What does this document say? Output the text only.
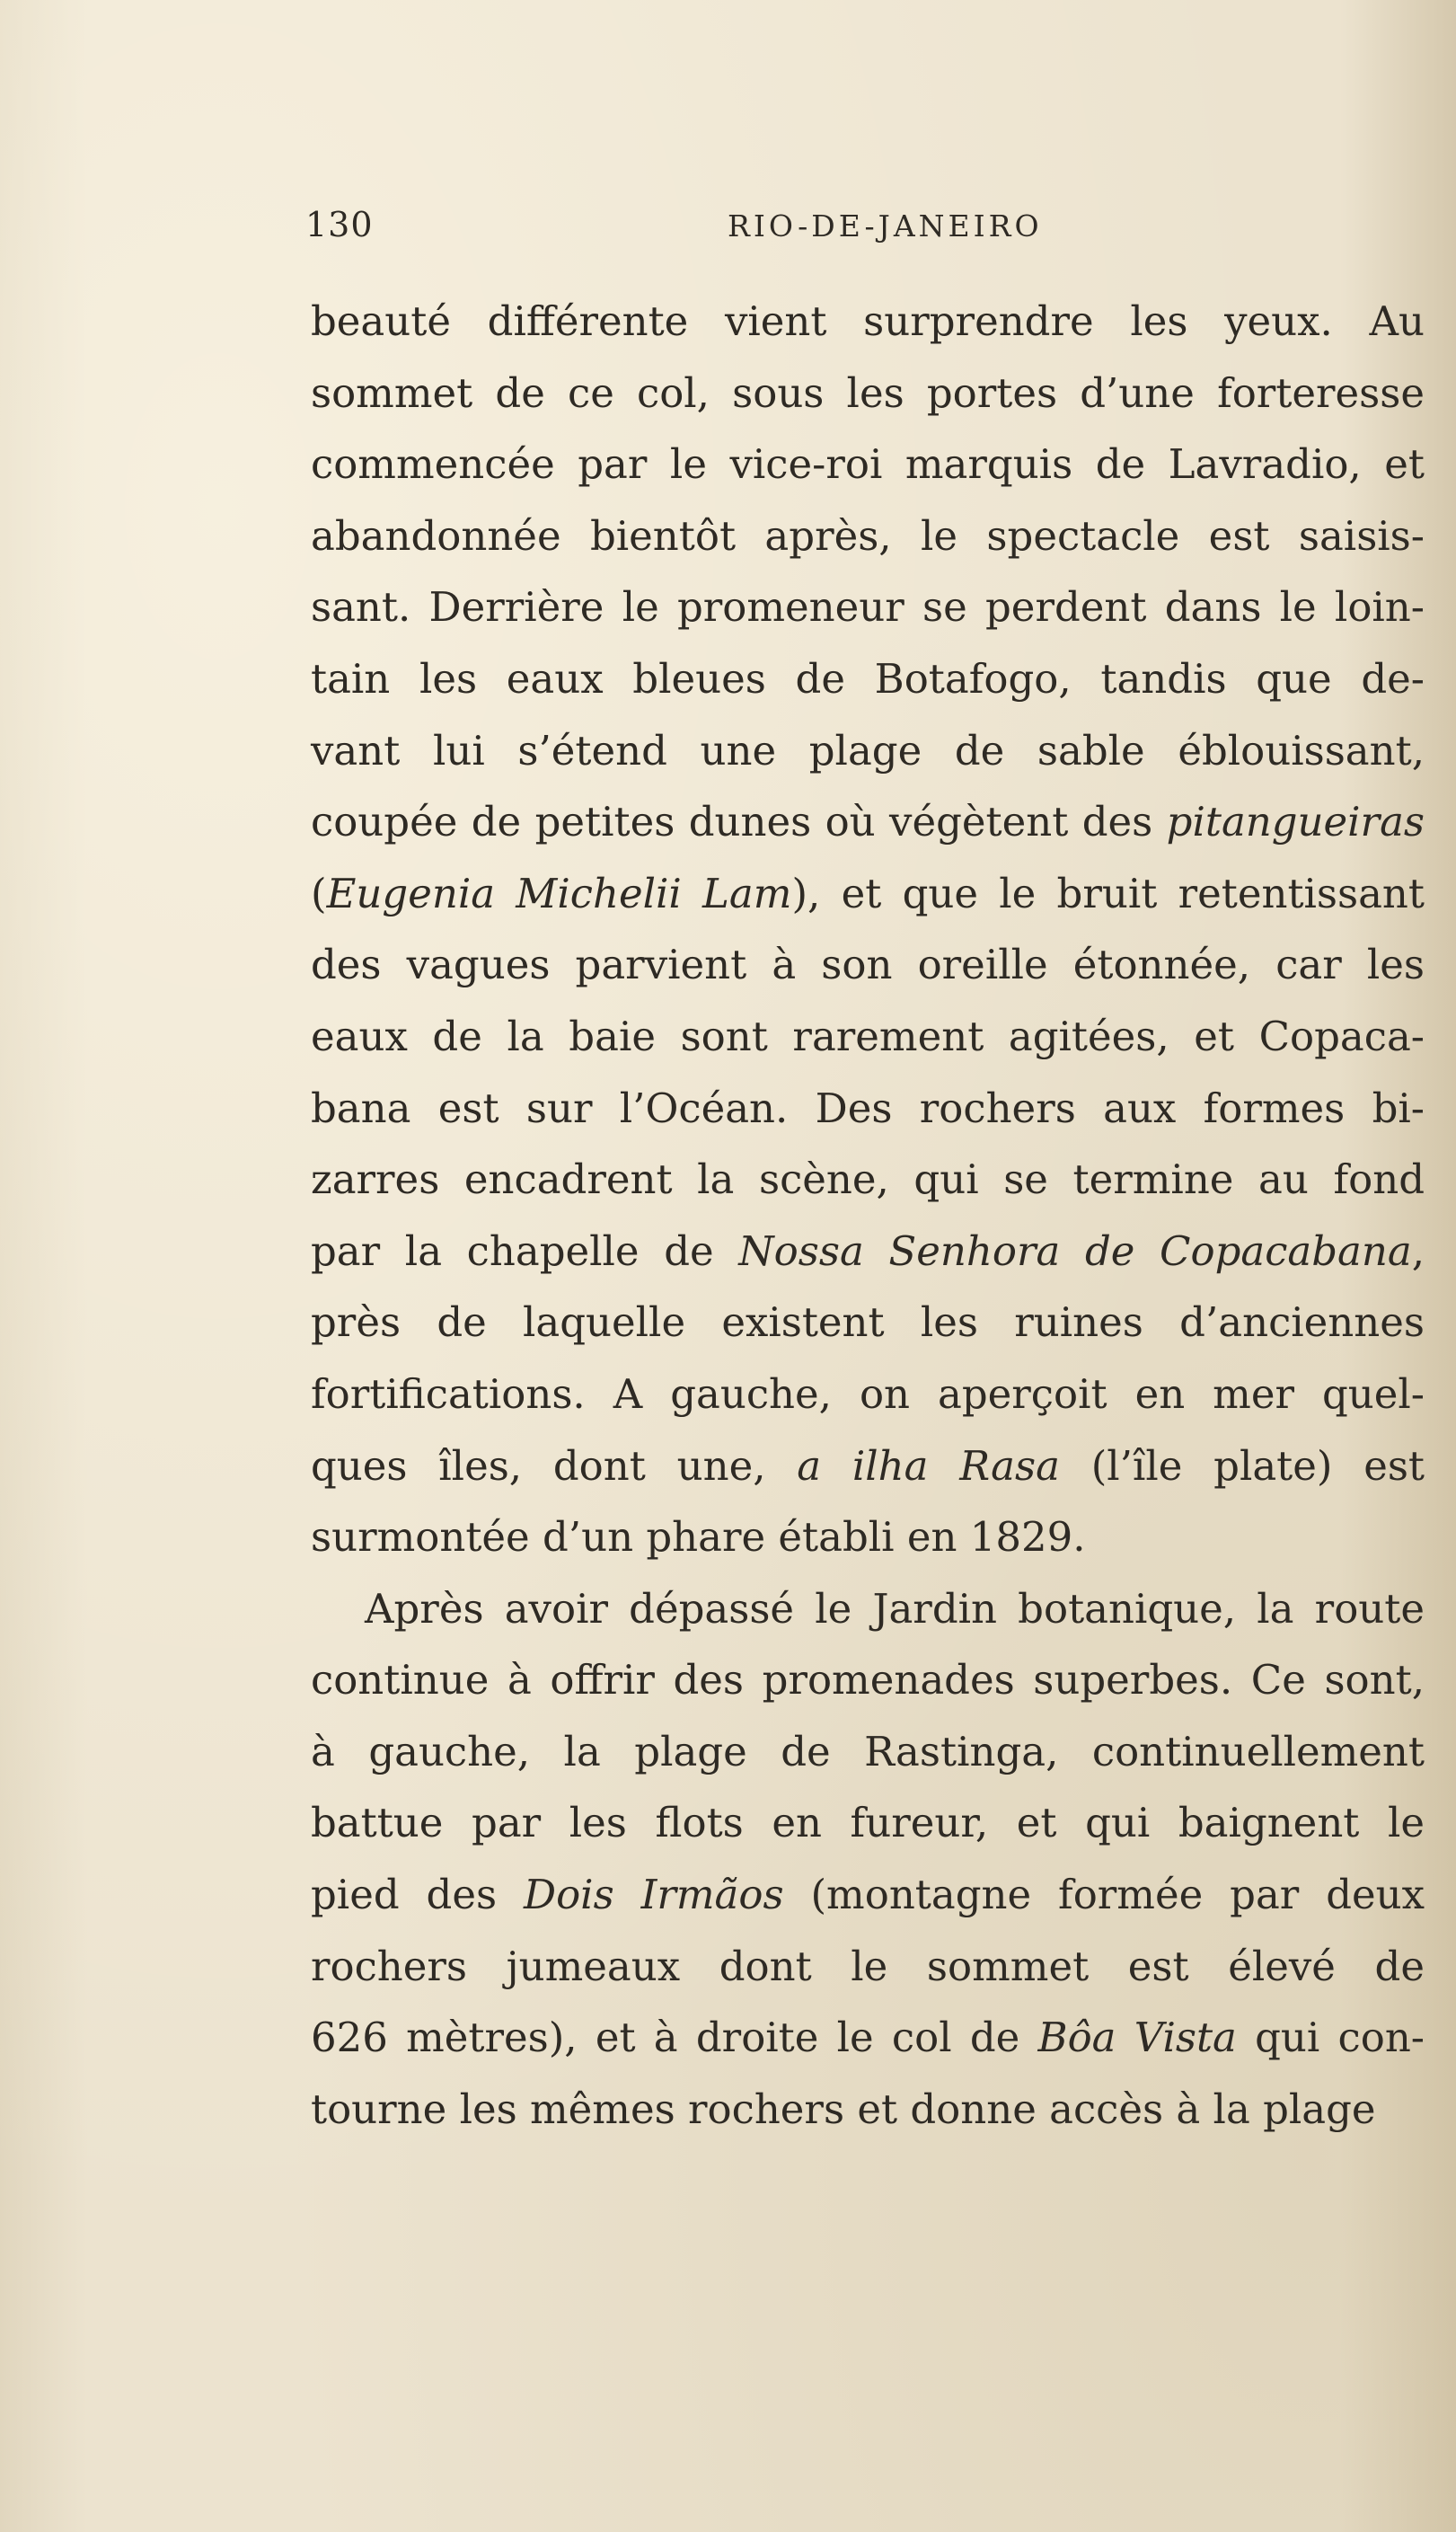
130	RIO-DE-JANEIRO
beauté différente vient surprendre les yeux. Au
sommet de ce col, sous les portes d’une forteresse
commencée par le vice-roi marquis de Lavradio, et
abandonnée bientôt après, le spectacle est saisis-
sant. Derrière le promeneur se perdent dans le loin-
tain les eaux bleues de Botafogo, tandis que de-
vant lui s’étend une plage de sable éblouissant,
coupée de petites dunes où végètent des pitangueiras
(Eugenia Michelii Lam), et que le bruit retentissant
des vagues parvient à son oreille étonnée, car les
eaux de la baie sont rarement agitées, et Copaca-
bana est sur l’Océan. Des rochers aux formes bi-
zarres encadrent la scène, qui se termine au fond
par la chapelle de Nossa Senhora de Copacabana,
près de laquelle existent les ruines d’anciennes
fortifications. A gauche, on aperçoit en mer quel-
ques îles, dont une, a ilha Rasa (l’île plate) est
surmontée d’un phare établi en 1829.
Après avoir dépassé le Jardin botanique, la route
continue à offrir des promenades superbes. Ce sont,
à gauche, la plage de Rastinga, continuellement
battue par les flots en fureur, et qui baignent le
pied des Dois Irmãos (montagne formée par deux
rochers jumeaux dont le sommet est élevé de
626 mètres), et à droite le col de Bôa Vista qui con-
tourne les mêmes rochers et donne accès à la plage
